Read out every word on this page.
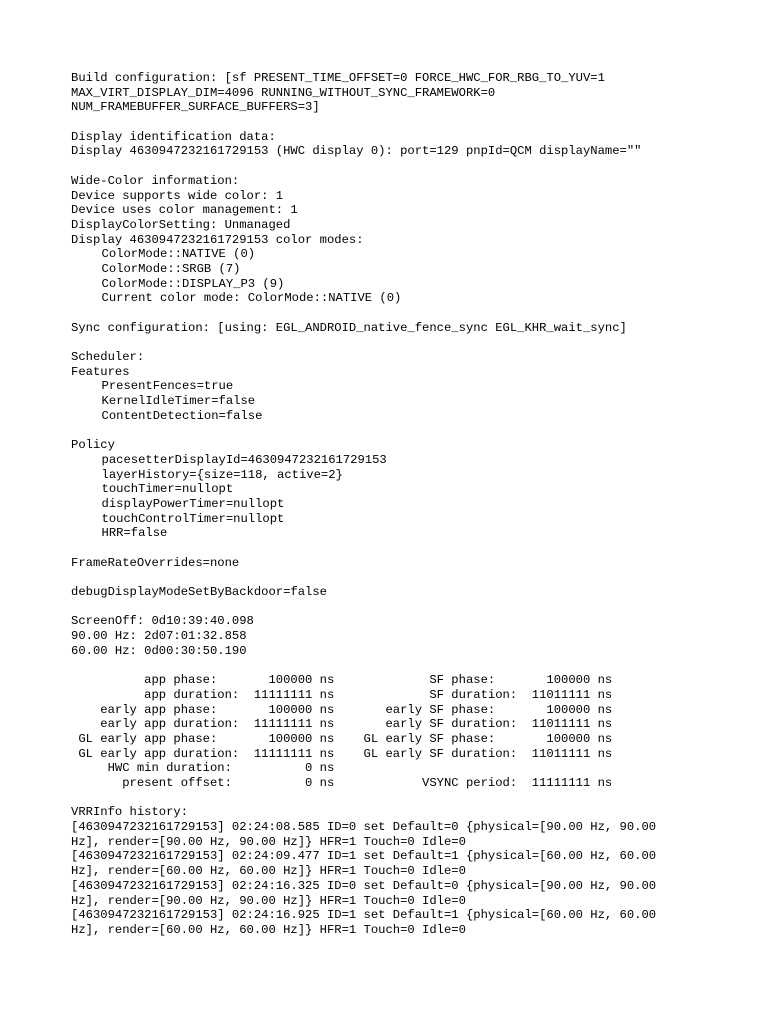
Build configuration: [sf PRESENT_TIME_OFFSET=0 FORCE_HWC_FOR_RBG_TO_YUV=1
MAX_VIRT_DISPLAY_DIM=4096 RUNNING_WITHOUT_SYNC_FRAMEWORK=0
NUM_FRAMEBUFFER_SURFACE_BUFFERS=3]
Display identification data:
Display 4630947232161729153 (HWC display 0): port=129 pnpId=QCM displayName=""
Wide-Color information:
Device supports wide color: 1
Device uses color management: 1
DisplayColorSetting: Unmanaged
Display 4630947232161729153 color modes:
ColorMode::NATIVE (0)
ColorMode::SRGB (7)
ColorMode::DISPLAY_P3 (9)
Current color mode: ColorMode::NATIVE (0)
Sync configuration: [using: EGL_ANDROID_native_fence_sync EGL_KHR_wait_sync]
Scheduler:
Features
PresentFences=true
KernelIdleTimer=false
ContentDetection=false
Policy
pacesetterDisplayId=4630947232161729153
layerHistory={size=118, active=2}
touchTimer=nullopt
displayPowerTimer=nullopt
touchControlTimer=nullopt
HRR=false
FrameRateOverrides=none
debugDisplayModeSetByBackdoor=false
ScreenOff: 0d10:39:40.098
90.00 Hz: 2d07:01:32.858
60.00 Hz: 0d00:30:50.190
app phase:       100000 ns             SF phase:       100000 ns
app duration:  11111111 ns             SF duration:  11011111 ns
early app phase:       100000 ns       early SF phase:       100000 ns
early app duration:  11111111 ns       early SF duration:  11011111 ns
GL early app phase:       100000 ns    GL early SF phase:       100000 ns
GL early app duration:  11111111 ns    GL early SF duration:  11011111 ns
HWC min duration:          0 ns
present offset:          0 ns            VSYNC period:  11111111 ns
VRRInfo history:
[4630947232161729153] 02:24:08.585 ID=0 set Default=0 {physical=[90.00 Hz, 90.00
Hz], render=[90.00 Hz, 90.00 Hz]} HFR=1 Touch=0 Idle=0
[4630947232161729153] 02:24:09.477 ID=1 set Default=1 {physical=[60.00 Hz, 60.00
Hz], render=[60.00 Hz, 60.00 Hz]} HFR=1 Touch=0 Idle=0
[4630947232161729153] 02:24:16.325 ID=0 set Default=0 {physical=[90.00 Hz, 90.00
Hz], render=[90.00 Hz, 90.00 Hz]} HFR=1 Touch=0 Idle=0
[4630947232161729153] 02:24:16.925 ID=1 set Default=1 {physical=[60.00 Hz, 60.00
Hz], render=[60.00 Hz, 60.00 Hz]} HFR=1 Touch=0 Idle=0
